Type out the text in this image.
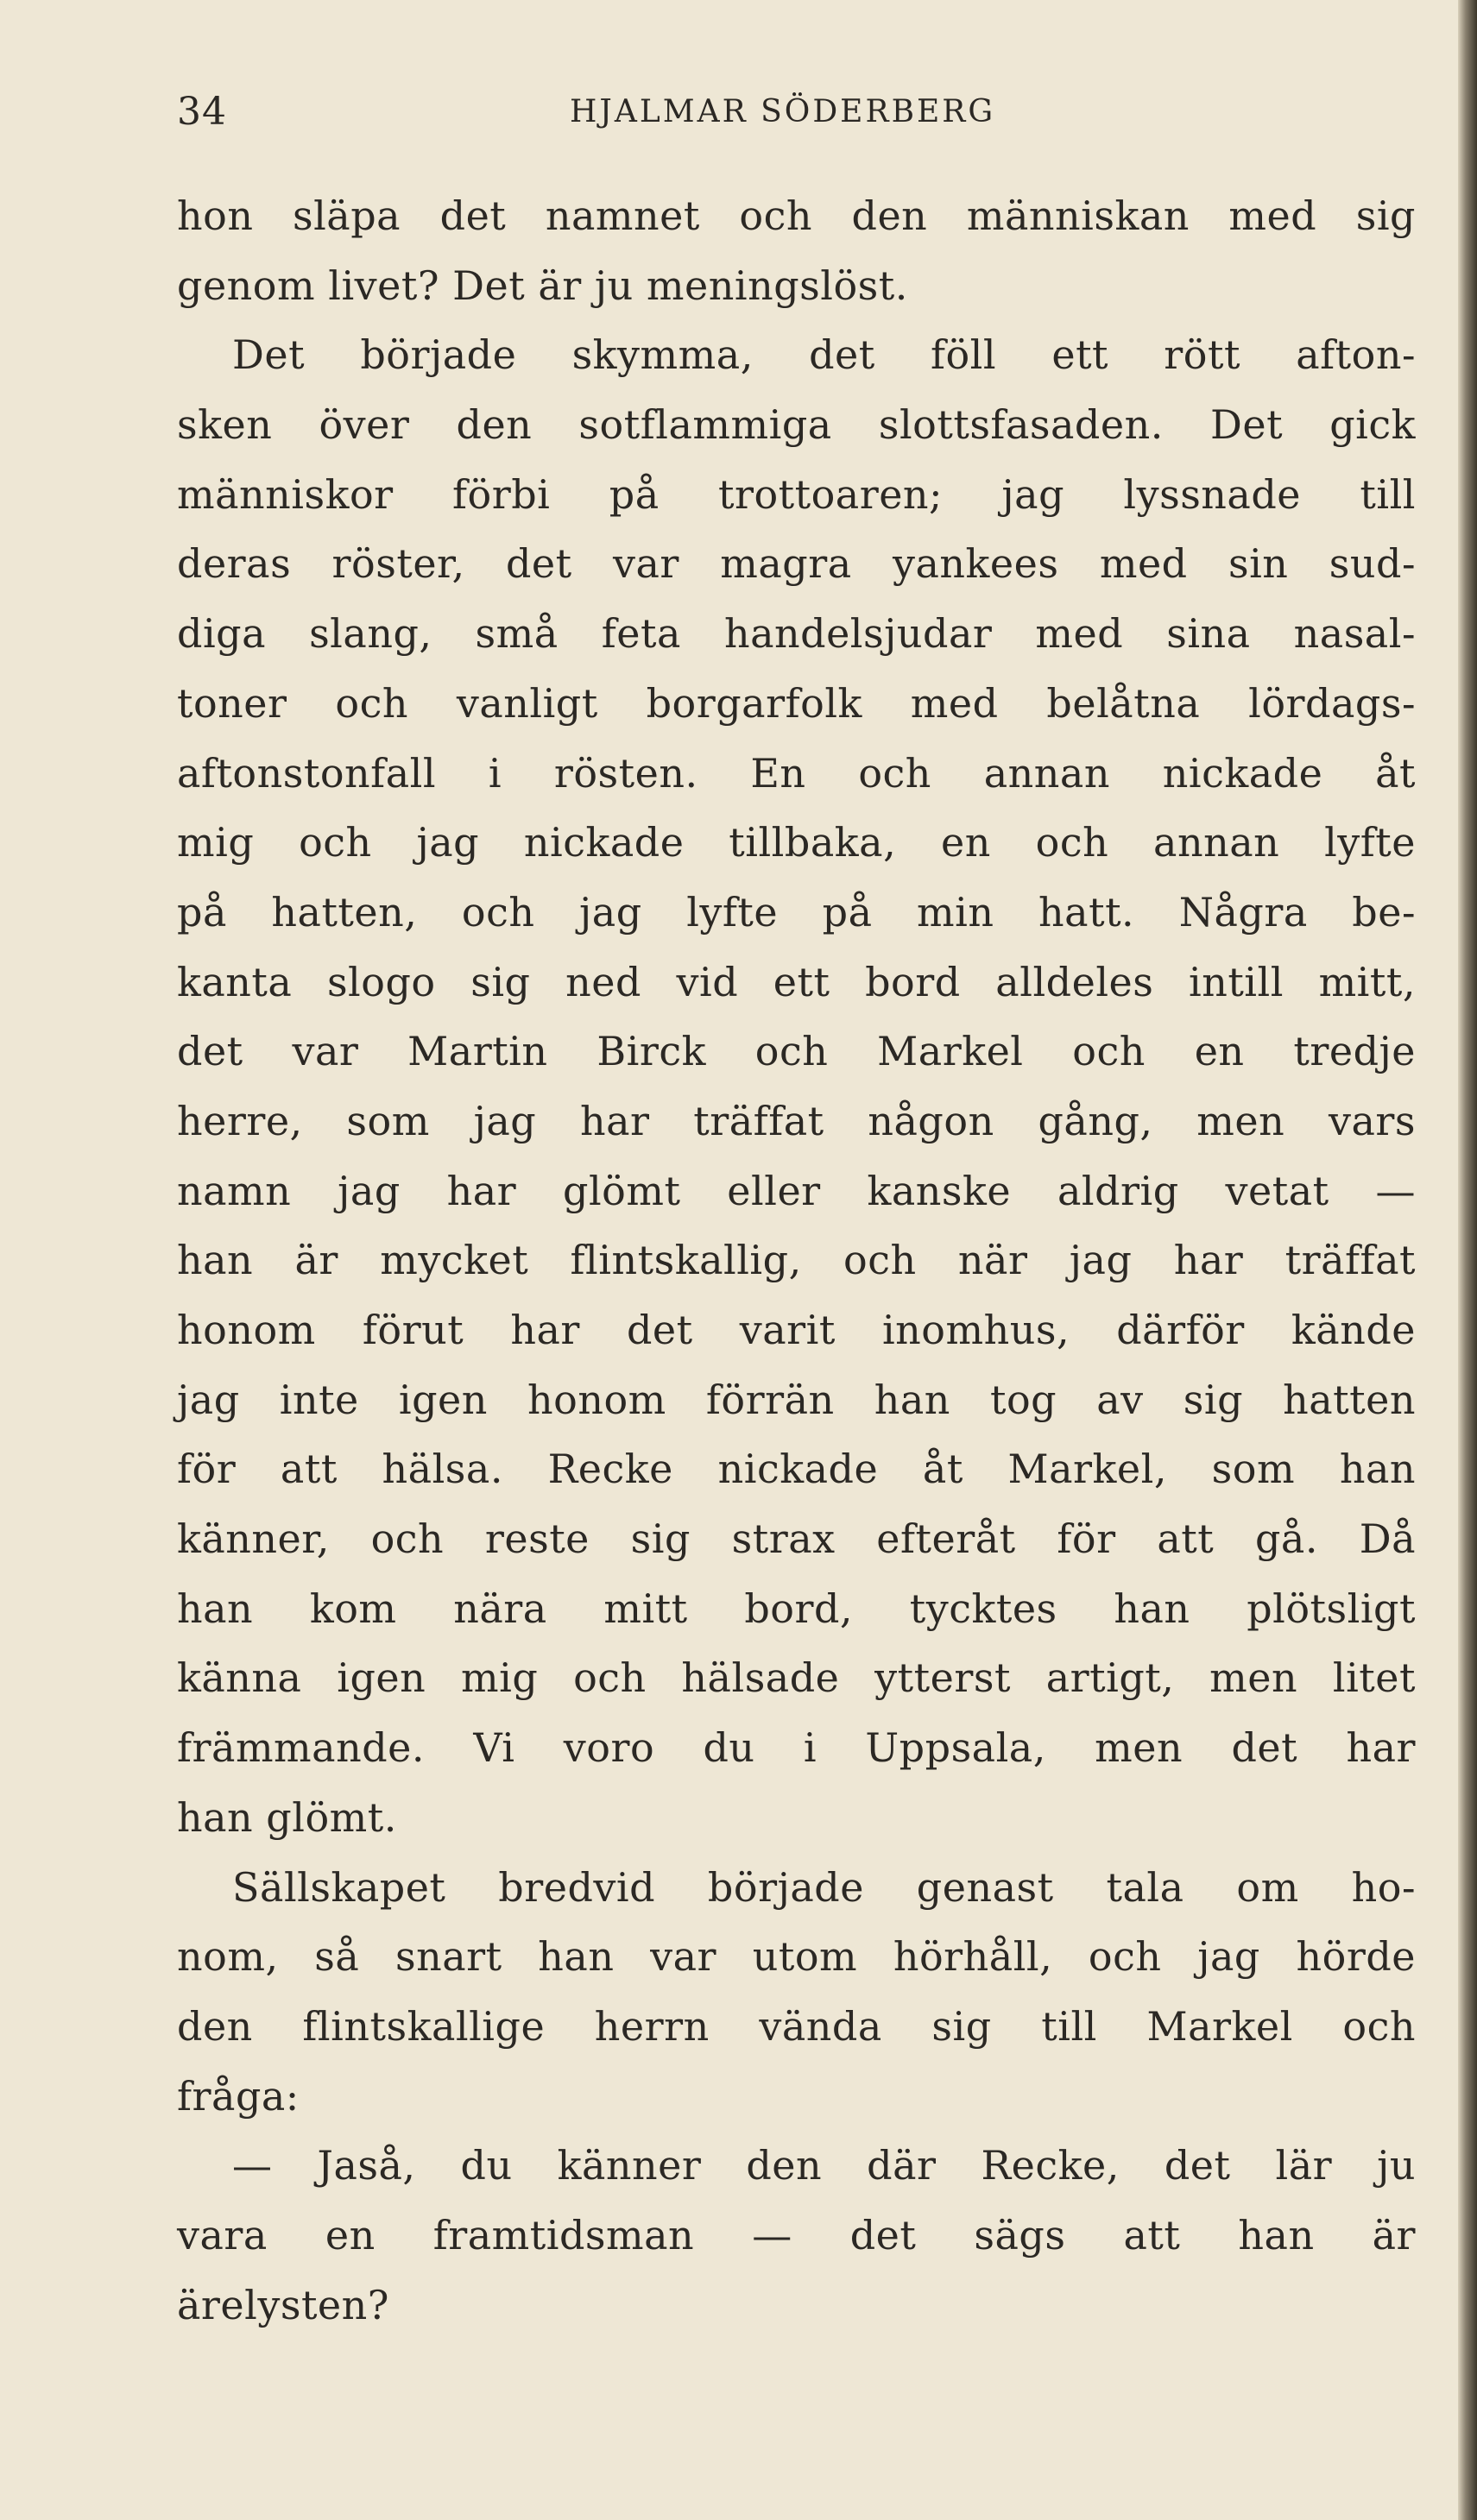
34	HJALMAR SÖDERBERG
hon släpa det namnet och den människan med sig
genom livet? Det är ju meningslöst.
Det började skymma, det föll ett rött afton-
sken över den sotflammiga slottsfasaden. Det gick
människor förbi på trottoaren; jag lyssnade till
deras röster, det var magra yankees med sin sud-
diga slang, små feta handelsjudar med sina nasal-
toner och vanligt borgarfolk med belåtna lördags-
aftonstonfall i rösten. En och annan nickade åt
mig och jag nickade tillbaka, en och annan lyfte
på hatten, och jag lyfte på min hatt. Några be-
kanta slogo sig ned vid ett bord alldeles intill mitt,
det var Martin Birck och Markel och en tredje
herre, som jag har träffat någon gång, men vars
namn jag har glömt eller kanske aldrig vetat —
han är mycket flintskallig, och när jag har träffat
honom förut har det varit inomhus, därför kände
jag inte igen honom förrän han tog av sig hatten
för att hälsa. Recke nickade åt Markel, som han
känner, och reste sig strax efteråt för att gå. Då
han kom nära mitt bord, tycktes han plötsligt
känna igen mig och hälsade ytterst artigt, men litet
främmande. Vi voro du i Uppsala, men det har
han glömt.
Sällskapet bredvid började genast tala om ho-
nom, så snart han var utom hörhåll, och jag hörde
den flintskallige herrn vända sig till Markel och
fråga:
— Jaså, du känner den där Recke, det lär ju
vara en framtidsman — det sägs att han är
ärelysten?
